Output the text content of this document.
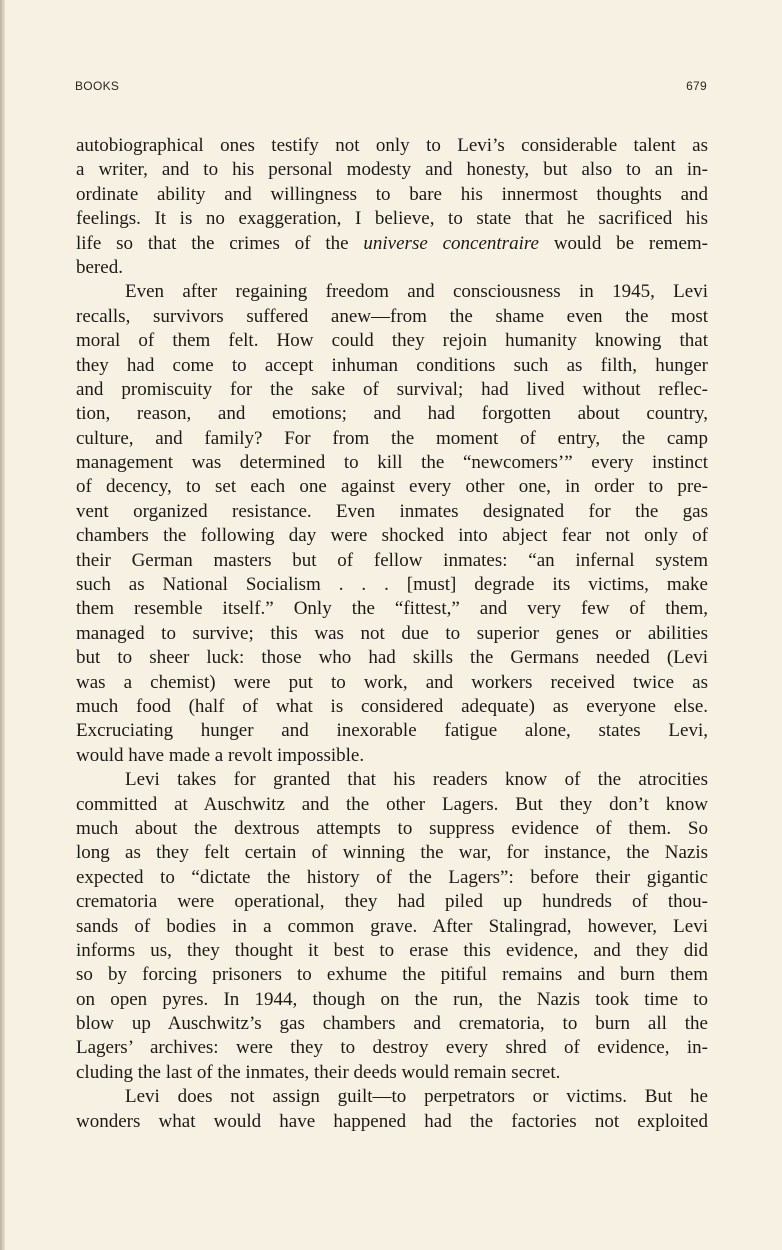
BOOKS	679
autobiographical ones testify not only to Levi’s considerable talent as
a writer, and to his personal modesty and honesty, but also to an in-
ordinate ability and willingness to bare his innermost thoughts and
feelings. It is no exaggeration, I believe, to state that he sacrificed his
life so that the crimes of the universe concentraire would be remem-
bered.
Even after regaining freedom and consciousness in 1945, Levi
recalls, survivors suffered anew—from the shame even the most
moral of them felt. How could they rejoin humanity knowing that
they had come to accept inhuman conditions such as filth, hunger
and promiscuity for the sake of survival; had lived without reflec-
tion, reason, and emotions; and had forgotten about country,
culture, and family? For from the moment of entry, the camp
management was determined to kill the “newcomers’” every instinct
of decency, to set each one against every other one, in order to pre-
vent organized resistance. Even inmates designated for the gas
chambers the following day were shocked into abject fear not only of
their German masters but of fellow inmates: “an infernal system
such as National Socialism . . . [must] degrade its victims, make
them resemble itself.” Only the “fittest,” and very few of them,
managed to survive; this was not due to superior genes or abilities
but to sheer luck: those who had skills the Germans needed (Levi
was a chemist) were put to work, and workers received twice as
much food (half of what is considered adequate) as everyone else.
Excruciating hunger and inexorable fatigue alone, states Levi,
would have made a revolt impossible.
Levi takes for granted that his readers know of the atrocities
committed at Auschwitz and the other Lagers. But they don’t know
much about the dextrous attempts to suppress evidence of them. So
long as they felt certain of winning the war, for instance, the Nazis
expected to “dictate the history of the Lagers”: before their gigantic
crematoria were operational, they had piled up hundreds of thou-
sands of bodies in a common grave. After Stalingrad, however, Levi
informs us, they thought it best to erase this evidence, and they did
so by forcing prisoners to exhume the pitiful remains and burn them
on open pyres. In 1944, though on the run, the Nazis took time to
blow up Auschwitz’s gas chambers and crematoria, to burn all the
Lagers’ archives: were they to destroy every shred of evidence, in-
cluding the last of the inmates, their deeds would remain secret.
Levi does not assign guilt—to perpetrators or victims. But he
wonders what would have happened had the factories not exploited
